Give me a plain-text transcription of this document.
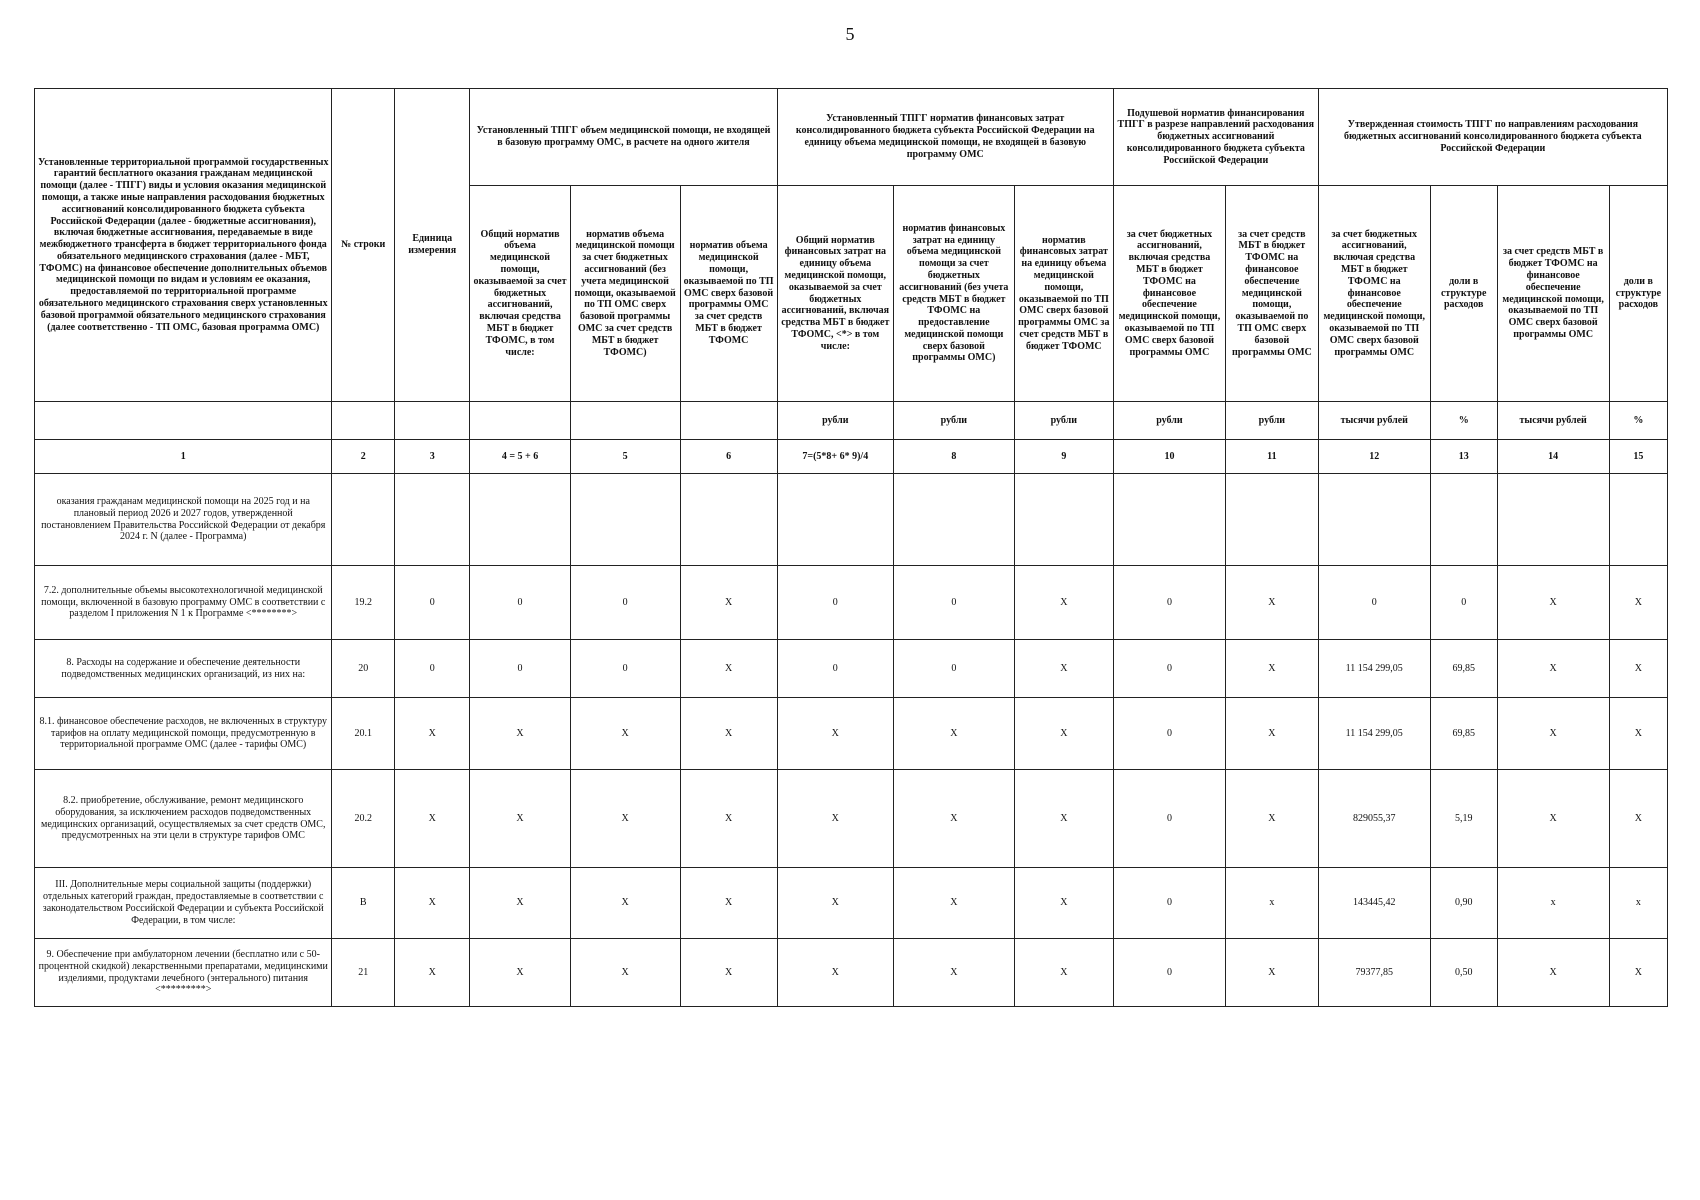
5
Установленные территориальной программой государственных гарантий бесплатного оказания гражданам медицинской помощи (далее - ТПГГ) виды и условия оказания медицинской помощи, а также иные направления расходования бюджетных ассигнований консолидированного бюджета субъекта Российской Федерации (далее - бюджетные ассигнования), включая бюджетные ассигнования, передаваемые в виде межбюджетного трансферта в бюджет территориального фонда обязательного медицинского страхования (далее - МБТ, ТФОМС) на финансовое обеспечение дополнительных объемов медицинской помощи по видам и условиям ее оказания, предоставляемой по территориальной программе обязательного медицинского страхования сверх установленных базовой программой обязательного медицинского страхования (далее соответственно - ТП ОМС, базовая программа ОМС)	№ строки	Единица измерения	Установленный ТПГГ объем медицинской помощи, не входящей в базовую программу ОМС, в расчете на одного жителя			Установленный ТПГГ норматив финансовых затрат консолидированного бюджета субъекта Российской Федерации на единицу объема медицинской помощи, не входящей в базовую программу ОМС			Подушевой норматив финансирования ТПГГ в разрезе направлений расходования бюджетных ассигнований консолидированного бюджета субъекта Российской Федерации		Утвержденная стоимость ТПГГ по направлениям расходования бюджетных ассигнований консолидированного бюджета субъекта Российской Федерации			
			Общий норматив объема медицинской помощи, оказываемой за счет бюджетных ассигнований, включая средства МБТ в бюджет ТФОМС, в том числе:	норматив объема медицинской помощи за счет бюджетных ассигнований (без учета медицинской помощи, оказываемой по ТП ОМС сверх базовой программы ОМС за счет средств МБТ в бюджет ТФОМС)	норматив объема медицинской помощи, оказываемой по ТП ОМС сверх базовой программы ОМС за счет средств МБТ в бюджет ТФОМС	Общий норматив финансовых затрат на единицу объема медицинской помощи, оказываемой за счет бюджетных ассигнований, включая средства МБТ в бюджет ТФОМС, <*> в том числе:	норматив финансовых затрат на единицу объема медицинской помощи за счет бюджетных ассигнований (без учета средств МБТ в бюджет ТФОМС на предоставление медицинской помощи сверх базовой программы ОМС)	норматив финансовых затрат на единицу объема медицинской помощи, оказываемой по ТП ОМС сверх базовой программы ОМС за счет средств МБТ в бюджет ТФОМС	за счет бюджетных ассигнований, включая средства МБТ в бюджет ТФОМС на финансовое обеспечение медицинской помощи, оказываемой по ТП ОМС сверх базовой программы ОМС	за счет средств МБТ в бюджет ТФОМС на финансовое обеспечение медицинской помощи, оказываемой по ТП ОМС сверх базовой программы ОМС	за счет бюджетных ассигнований, включая средства МБТ в бюджет ТФОМС на финансовое обеспечение медицинской помощи, оказываемой по ТП ОМС сверх базовой программы ОМС	доли в структуре расходов	за счет средств МБТ в бюджет ТФОМС на финансовое обеспечение медицинской помощи, оказываемой по ТП ОМС сверх базовой программы ОМС	доли в структуре расходов
						рубли	рубли	рубли	рубли	рубли	тысячи рублей	%	тысячи рублей	%
1	2	3	4 = 5 + 6	5	6	7=(5*8+ 6* 9)/4	8	9	10	11	12	13	14	15
оказания гражданам медицинской помощи на 2025 год и на плановый период 2026 и 2027 годов, утвержденной постановлением Правительства Российской Федерации от декабря 2024 г. N (далее - Программа)														
7.2. дополнительные объемы высокотехнологичной медицинской помощи, включенной в базовую программу ОМС в соответствии с разделом I приложения N 1 к Программе <********>	19.2	0	0	0	Х	0	0	Х	0	Х	0	0	Х	Х
8. Расходы на содержание и обеспечение деятельности подведомственных медицинских организаций, из них на:	20	0	0	0	Х	0	0	Х	0	Х	11 154 299,05	69,85	Х	Х
8.1. финансовое обеспечение расходов, не включенных в структуру тарифов на оплату медицинской помощи, предусмотренную в территориальной программе ОМС (далее - тарифы ОМС)	20.1	Х	Х	Х	Х	Х	Х	Х	0	Х	11 154 299,05	69,85	Х	Х
8.2. приобретение, обслуживание, ремонт медицинского оборудования, за исключением расходов подведомственных медицинских организаций, осуществляемых за счет средств ОМС, предусмотренных на эти цели в структуре тарифов ОМС	20.2	Х	Х	Х	Х	Х	Х	Х	0	Х	829055,37	5,19	Х	Х
III. Дополнительные меры социальной защиты (поддержки) отдельных категорий граждан, предоставляемые в соответствии с законодательством Российской Федерации и субъекта Российской Федерации, в том числе:	В	Х	Х	Х	Х	Х	Х	Х	0	х	143445,42	0,90	х	х
9. Обеспечение при амбулаторном лечении (бесплатно или с 50-процентной скидкой) лекарственными препаратами, медицинскими изделиями, продуктами лечебного (энтерального) питания <*********>	21	Х	Х	Х	Х	Х	Х	Х	0	Х	79377,85	0,50	Х	Х
